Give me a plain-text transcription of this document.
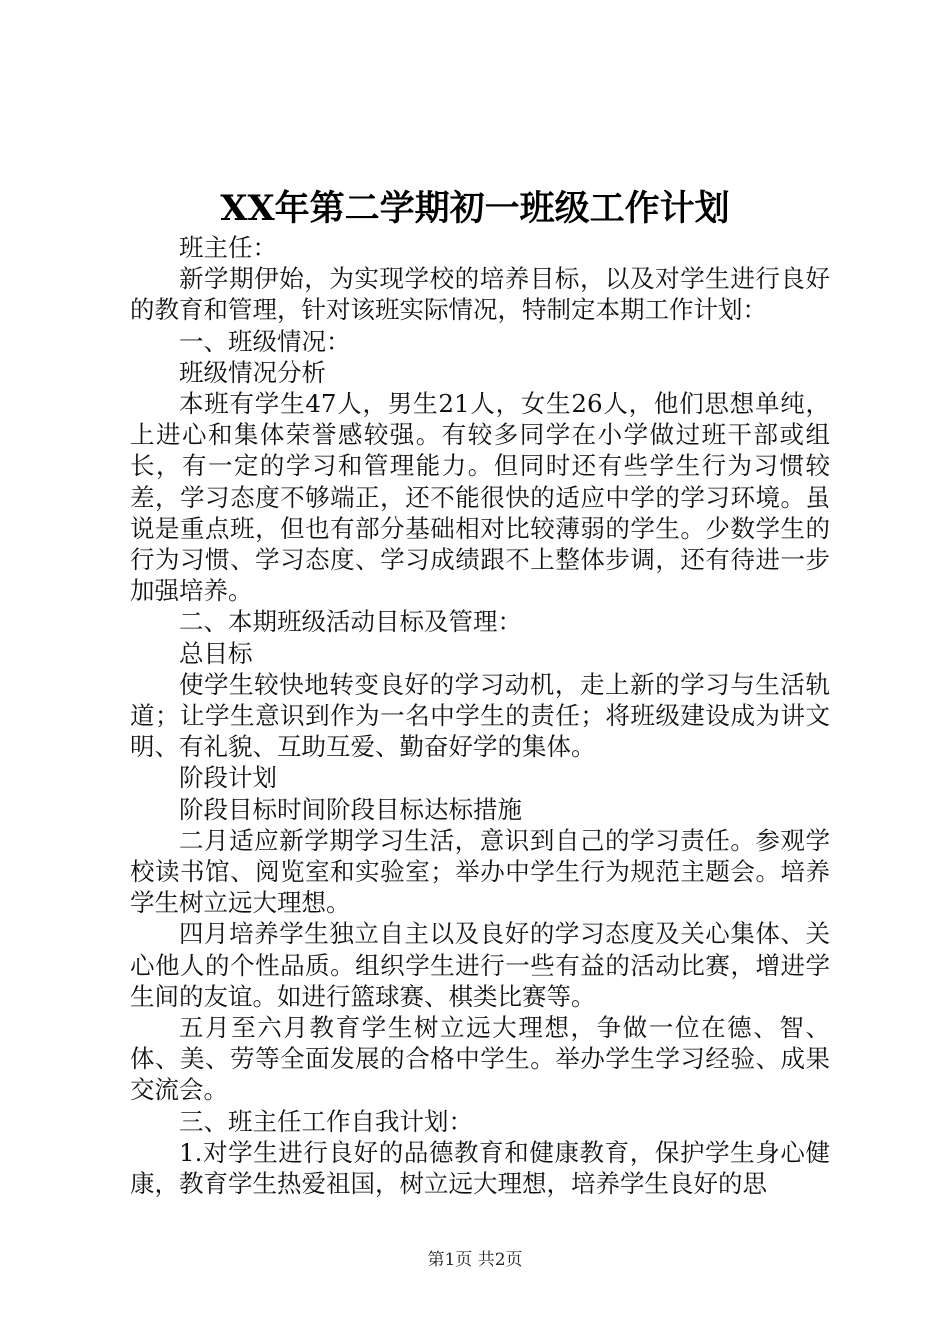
XX年第二学期初一班级工作计划

班主任：

新学期伊始，为实现学校的培养目标，以及对学生进行良好的教育和管理，针对该班实际情况，特制定本期工作计划：

一、班级情况：

班级情况分析

本班有学生47人，男生21人，女生26人，他们思想单纯，上进心和集体荣誉感较强。有较多同学在小学做过班干部或组长，有一定的学习和管理能力。但同时还有些学生行为习惯较差，学习态度不够端正，还不能很快的适应中学的学习环境。虽说是重点班，但也有部分基础相对比较薄弱的学生。少数学生的行为习惯、学习态度、学习成绩跟不上整体步调，还有待进一步加强培养。

二、本期班级活动目标及管理：

总目标

使学生较快地转变良好的学习动机，走上新的学习与生活轨道；让学生意识到作为一名中学生的责任；将班级建设成为讲文明、有礼貌、互助互爱、勤奋好学的集体。

阶段计划

阶段目标时间阶段目标达标措施

二月适应新学期学习生活，意识到自己的学习责任。参观学校读书馆、阅览室和实验室；举办中学生行为规范主题会。培养学生树立远大理想。

四月培养学生独立自主以及良好的学习态度及关心集体、关心他人的个性品质。组织学生进行一些有益的活动比赛，增进学生间的友谊。如进行篮球赛、棋类比赛等。

五月至六月教育学生树立远大理想，争做一位在德、智、体、美、劳等全面发展的合格中学生。举办学生学习经验、成果交流会。

三、班主任工作自我计划：

1.对学生进行良好的品德教育和健康教育，保护学生身心健康，教育学生热爱祖国，树立远大理想，培养学生良好的思

第1页 共2页
